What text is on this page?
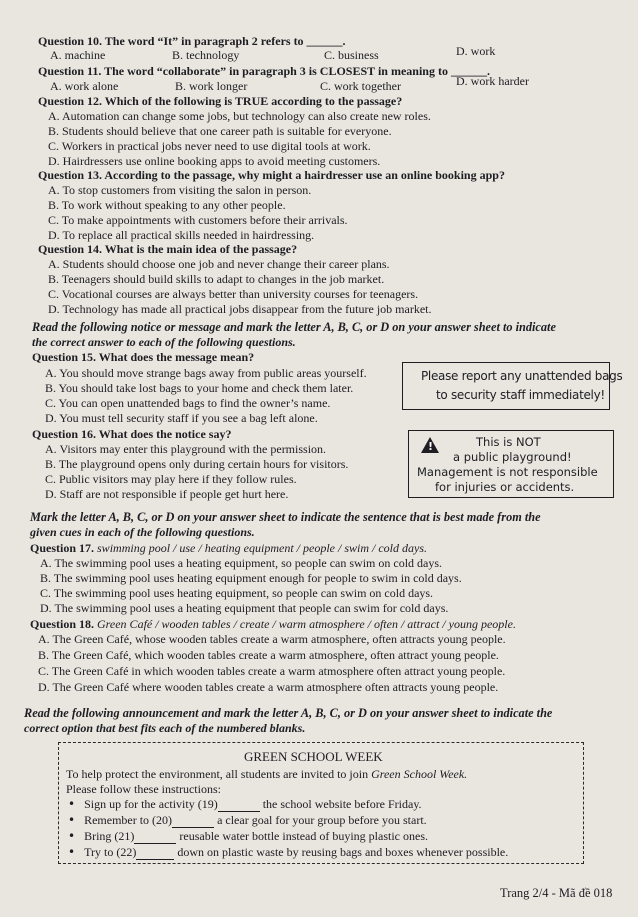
Question 10. The word “It” in paragraph 2 refers to ______.
A. machine	B. technology	C. business	D. work
Question 11. The word “collaborate” in paragraph 3 is CLOSEST in meaning to ______.
A. work alone	B. work longer	C. work together	D. work harder
Question 12. Which of the following is TRUE according to the passage?
A. Automation can change some jobs, but technology can also create new roles.
B. Students should believe that one career path is suitable for everyone.
C. Workers in practical jobs never need to use digital tools at work.
D. Hairdressers use online booking apps to avoid meeting customers.
Question 13. According to the passage, why might a hairdresser use an online booking app?
A. To stop customers from visiting the salon in person.
B. To work without speaking to any other people.
C. To make appointments with customers before their arrivals.
D. To replace all practical skills needed in hairdressing.
Question 14. What is the main idea of the passage?
A. Students should choose one job and never change their career plans.
B. Teenagers should build skills to adapt to changes in the job market.
C. Vocational courses are always better than university courses for teenagers.
D. Technology has made all practical jobs disappear from the future job market.
Read the following notice or message and mark the letter A, B, C, or D on your answer sheet to indicate
the correct answer to each of the following questions.
Question 15. What does the message mean?
A. You should move strange bags away from public areas yourself.
B. You should take lost bags to your home and check them later.
C. You can open unattended bags to find the owner’s name.
D. You must tell security staff if you see a bag left alone.
Please report any unattended bags
to security staff immediately!
Question 16. What does the notice say?
A. Visitors may enter this playground with the permission.
B. The playground opens only during certain hours for visitors.
C. Public visitors may play here if they follow rules.
D. Staff are not responsible if people get hurt here.
!	This is NOT
a public playground!
Management is not responsible
for injuries or accidents.
Mark the letter A, B, C, or D on your answer sheet to indicate the sentence that is best made from the
given cues in each of the following questions.
Question 17. swimming pool / use / heating equipment / people / swim / cold days.
A. The swimming pool uses a heating equipment, so people can swim on cold days.
B. The swimming pool uses heating equipment enough for people to swim in cold days.
C. The swimming pool uses heating equipment, so people can swim on cold days.
D. The swimming pool uses a heating equipment that people can swim for cold days.
Question 18. Green Café / wooden tables / create / warm atmosphere / often / attract / young people.
A. The Green Café, whose wooden tables create a warm atmosphere, often attracts young people.
B. The Green Café, which wooden tables create a warm atmosphere, often attract young people.
C. The Green Café in which wooden tables create a warm atmosphere often attract young people.
D. The Green Café where wooden tables create a warm atmosphere often attracts young people.
Read the following announcement and mark the letter A, B, C, or D on your answer sheet to indicate the
correct option that best fits each of the numbered blanks.
GREEN SCHOOL WEEK
To help protect the environment, all students are invited to join Green School Week.
Please follow these instructions:
• Sign up for the activity (19)	the school website before Friday.
• Remember to (20)	a clear goal for your group before you start.
• Bring (21)	reusable water bottle instead of buying plastic ones.
• Try to (22)	down on plastic waste by reusing bags and boxes whenever possible.
Trang 2/4 - Mã đề 018
